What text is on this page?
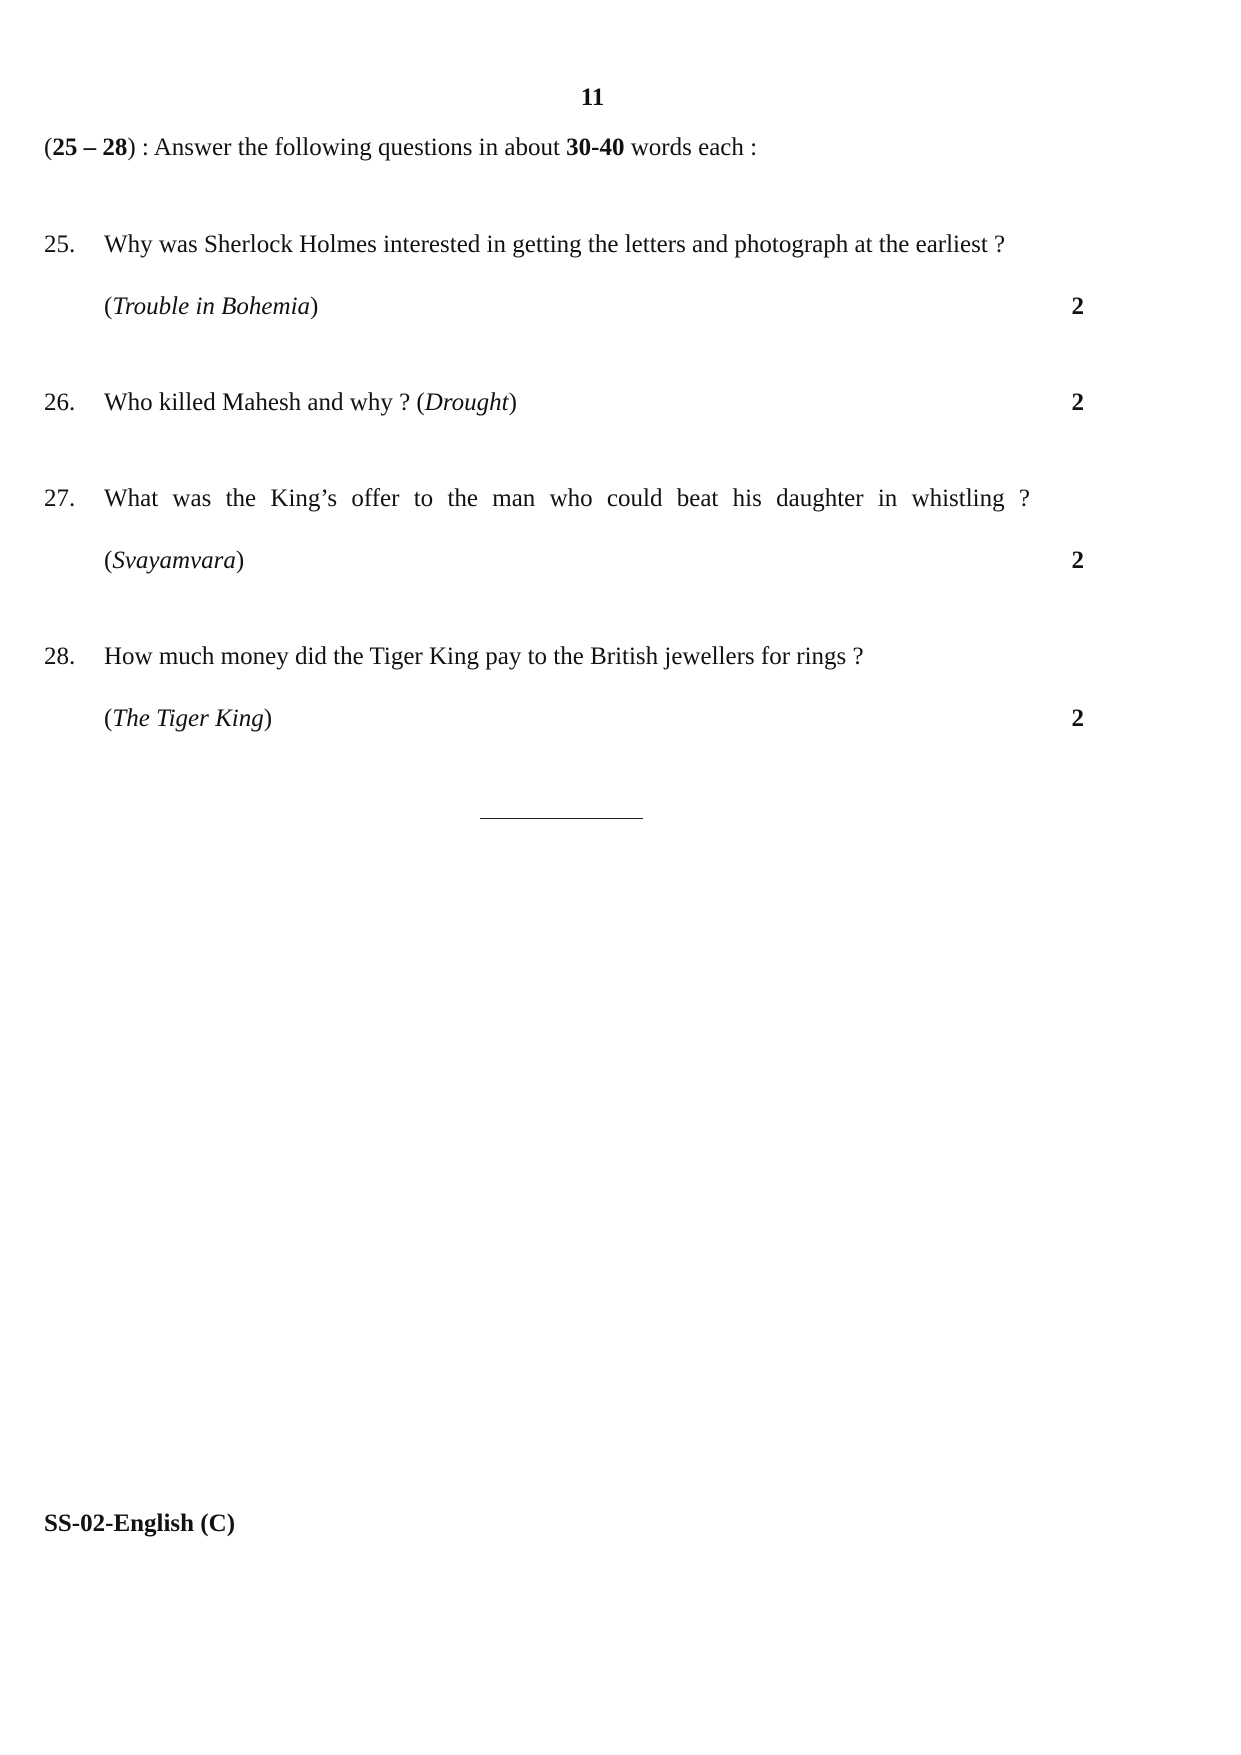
11
(25 – 28) : Answer the following questions in about 30-40 words each :
25. Why was Sherlock Holmes interested in getting the letters and photograph at the earliest ?
(Trouble in Bohemia)	2
26. Who killed Mahesh and why ? (Drought)	2
27. What was the King’s offer to the man who could beat his daughter in whistling ?
(Svayamvara)	2
28. How much money did the Tiger King pay to the British jewellers for rings ?
(The Tiger King)	2
SS-02-English (C)
